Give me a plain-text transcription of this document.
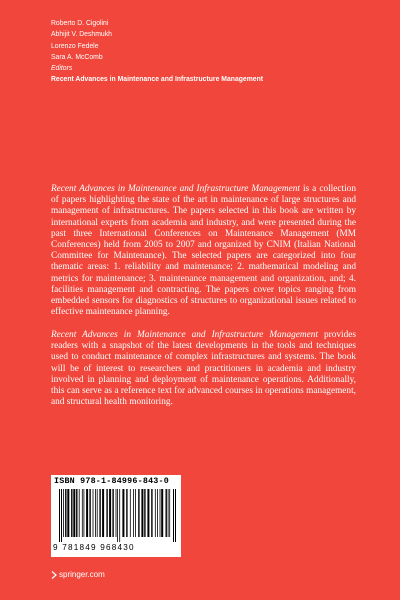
Roberto D. Cigolini
Abhijit V. Deshmukh
Lorenzo Fedele
Sara A. McComb
Editors
Recent Advances in Maintenance and Infrastructure Management

Recent Advances in Maintenance and Infrastructure Management is a collection of papers highlighting the state of the art in maintenance of large structures and management of infrastructures. The papers selected in this book are written by international experts from academia and industry, and were presented during the past three International Conferences on Maintenance Management (MM Conferences) held from 2005 to 2007 and organized by CNIM (Italian National Committee for Maintenance). The selected papers are categorized into four thematic areas: 1. reliability and maintenance; 2. mathematical modeling and metrics for maintenance; 3. maintenance management and organization, and; 4. facilities management and contracting. The papers cover topics ranging from embedded sensors for diagnostics of structures to organizational issues related to effective maintenance planning.

Recent Advances in Maintenance and Infrastructure Management provides readers with a snapshot of the latest developments in the tools and techniques used to conduct maintenance of complex infrastructures and systems. The book will be of interest to researchers and practitioners in academia and industry involved in planning and deployment of maintenance operations. Additionally, this can serve as a reference text for advanced courses in operations management, and structural health monitoring.

ISBN 978-1-84996-843-0
9 781849 968430
springer.com
